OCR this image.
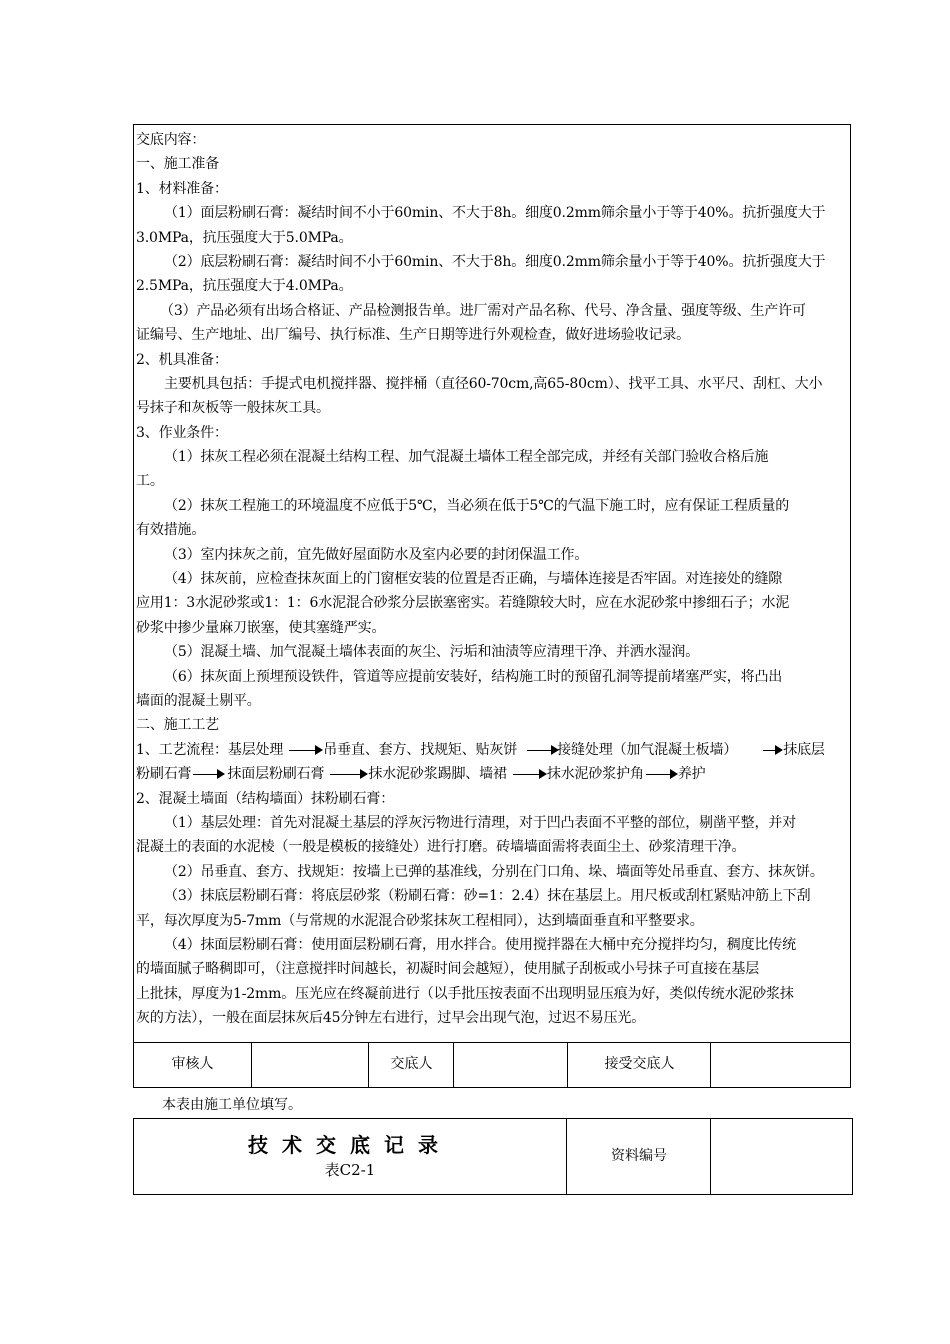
交底内容：
一、施工准备
1、材料准备：
（1）面层粉刷石膏：凝结时间不小于60min、不大于8h。细度0.2mm筛余量小于等于40%。抗折强度大于
3.0MPa，抗压强度大于5.0MPa。
（2）底层粉刷石膏：凝结时间不小于60min、不大于8h。细度0.2mm筛余量小于等于40%。抗折强度大于
2.5MPa，抗压强度大于4.0MPa。
（3）产品必须有出场合格证、产品检测报告单。进厂需对产品名称、代号、净含量、强度等级、生产许可
证编号、生产地址、出厂编号、执行标准、生产日期等进行外观检查，做好进场验收记录。
2、机具准备：
主要机具包括：手提式电机搅拌器、搅拌桶（直径60-70cm,高65-80cm）、找平工具、水平尺、刮杠、大小
号抹子和灰板等一般抹灰工具。
3、作业条件：
（1）抹灰工程必须在混凝土结构工程、加气混凝土墙体工程全部完成，并经有关部门验收合格后施
工。
（2）抹灰工程施工的环境温度不应低于5℃，当必须在低于5℃的气温下施工时，应有保证工程质量的
有效措施。
（3）室内抹灰之前，宜先做好屋面防水及室内必要的封闭保温工作。
（4）抹灰前，应检查抹灰面上的门窗框安装的位置是否正确，与墙体连接是否牢固。对连接处的缝隙
应用1：3水泥砂浆或1：1：6水泥混合砂浆分层嵌塞密实。若缝隙较大时，应在水泥砂浆中掺细石子；水泥
砂浆中掺少量麻刀嵌塞，使其塞缝严实。
（5）混凝土墙、加气混凝土墙体表面的灰尘、污垢和油渍等应清理干净、并洒水湿润。
（6）抹灰面上预埋预设铁件，管道等应提前安装好，结构施工时的预留孔洞等提前堵塞严实，将凸出
墙面的混凝土剔平。
二、施工工艺
1、工艺流程：基层处理	吊垂直、套方、找规矩、贴灰饼	接缝处理（加气混凝土板墙）	抹底层
粉刷石膏	抹面层粉刷石膏	抹水泥砂浆踢脚、墙裙	抹水泥砂浆护角 养护
2、混凝土墙面（结构墙面）抹粉刷石膏：
（1）基层处理：首先对混凝土基层的浮灰污物进行清理，对于凹凸表面不平整的部位，剔凿平整，并对
混凝土的表面的水泥棱（一般是模板的接缝处）进行打磨。砖墙墙面需将表面尘土、砂浆清理干净。
（2）吊垂直、套方、找规矩：按墙上已弹的基准线，分别在门口角、垛、墙面等处吊垂直、套方、抹灰饼。
（3）抹底层粉刷石膏：将底层砂浆（粉刷石膏：砂=1：2.4）抹在基层上。用尺板或刮杠紧贴冲筋上下刮
平，每次厚度为5-7mm（与常规的水泥混合砂浆抹灰工程相同），达到墙面垂直和平整要求。
（4）抹面层粉刷石膏：使用面层粉刷石膏，用水拌合。使用搅拌器在大桶中充分搅拌均匀，稠度比传统
的墙面腻子略稠即可，（注意搅拌时间越长，初凝时间会越短），使用腻子刮板或小号抹子可直接在基层
上批抹，厚度为1-2mm。压光应在终凝前进行（以手批压按表面不出现明显压痕为好，类似传统水泥砂浆抹
灰的方法），一般在面层抹灰后45分钟左右进行，过早会出现气泡，过迟不易压光。
审核人	交底人	接受交底人
本表由施工单位填写。
技术交底记录
表C2-1
资料编号
